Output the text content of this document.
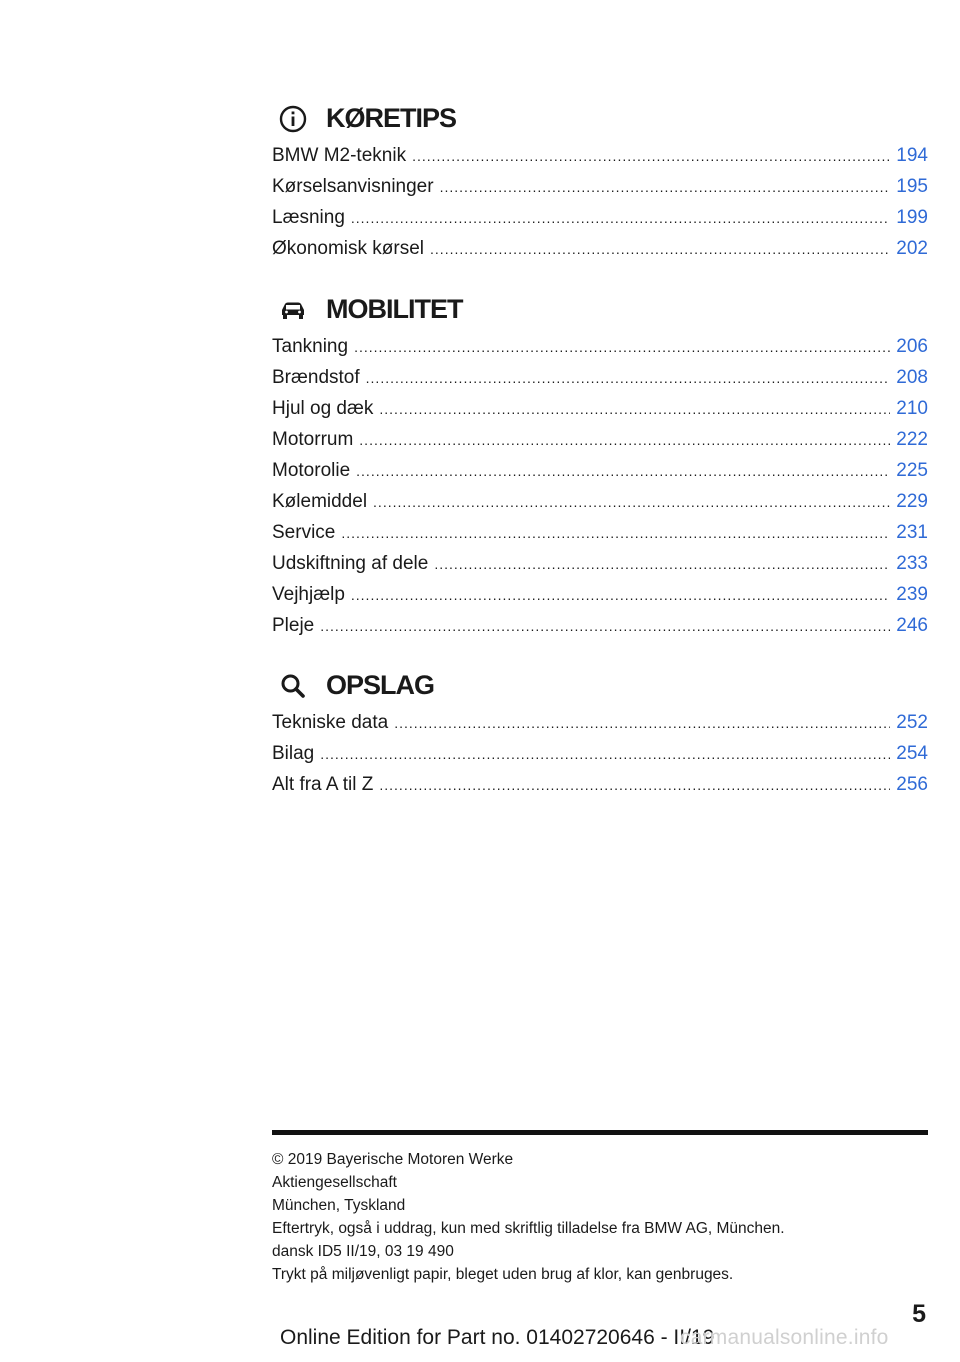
KØRETIPS
BMW M2-teknik .....	194
Kørselsanvisninger .....	195
Læsning .....	199
Økonomisk kørsel .....	202
MOBILITET
Tankning .....	206
Brændstof .....	208
Hjul og dæk .....	210
Motorrum .....	222
Motorolie .....	225
Kølemiddel .....	229
Service .....	231
Udskiftning af dele .....	233
Vejhjælp .....	239
Pleje .....	246
OPSLAG
Tekniske data .....	252
Bilag .....	254
Alt fra A til Z .....	256
© 2019 Bayerische Motoren Werke
Aktiengesellschaft
München, Tyskland
Eftertryk, også i uddrag, kun med skriftlig tilladelse fra BMW AG, München.
dansk ID5 II/19, 03 19 490
Trykt på miljøvenligt papir, bleget uden brug af klor, kan genbruges.
5
Online Edition for Part no. 01402720646 - II/19
carmanualsonline.info
